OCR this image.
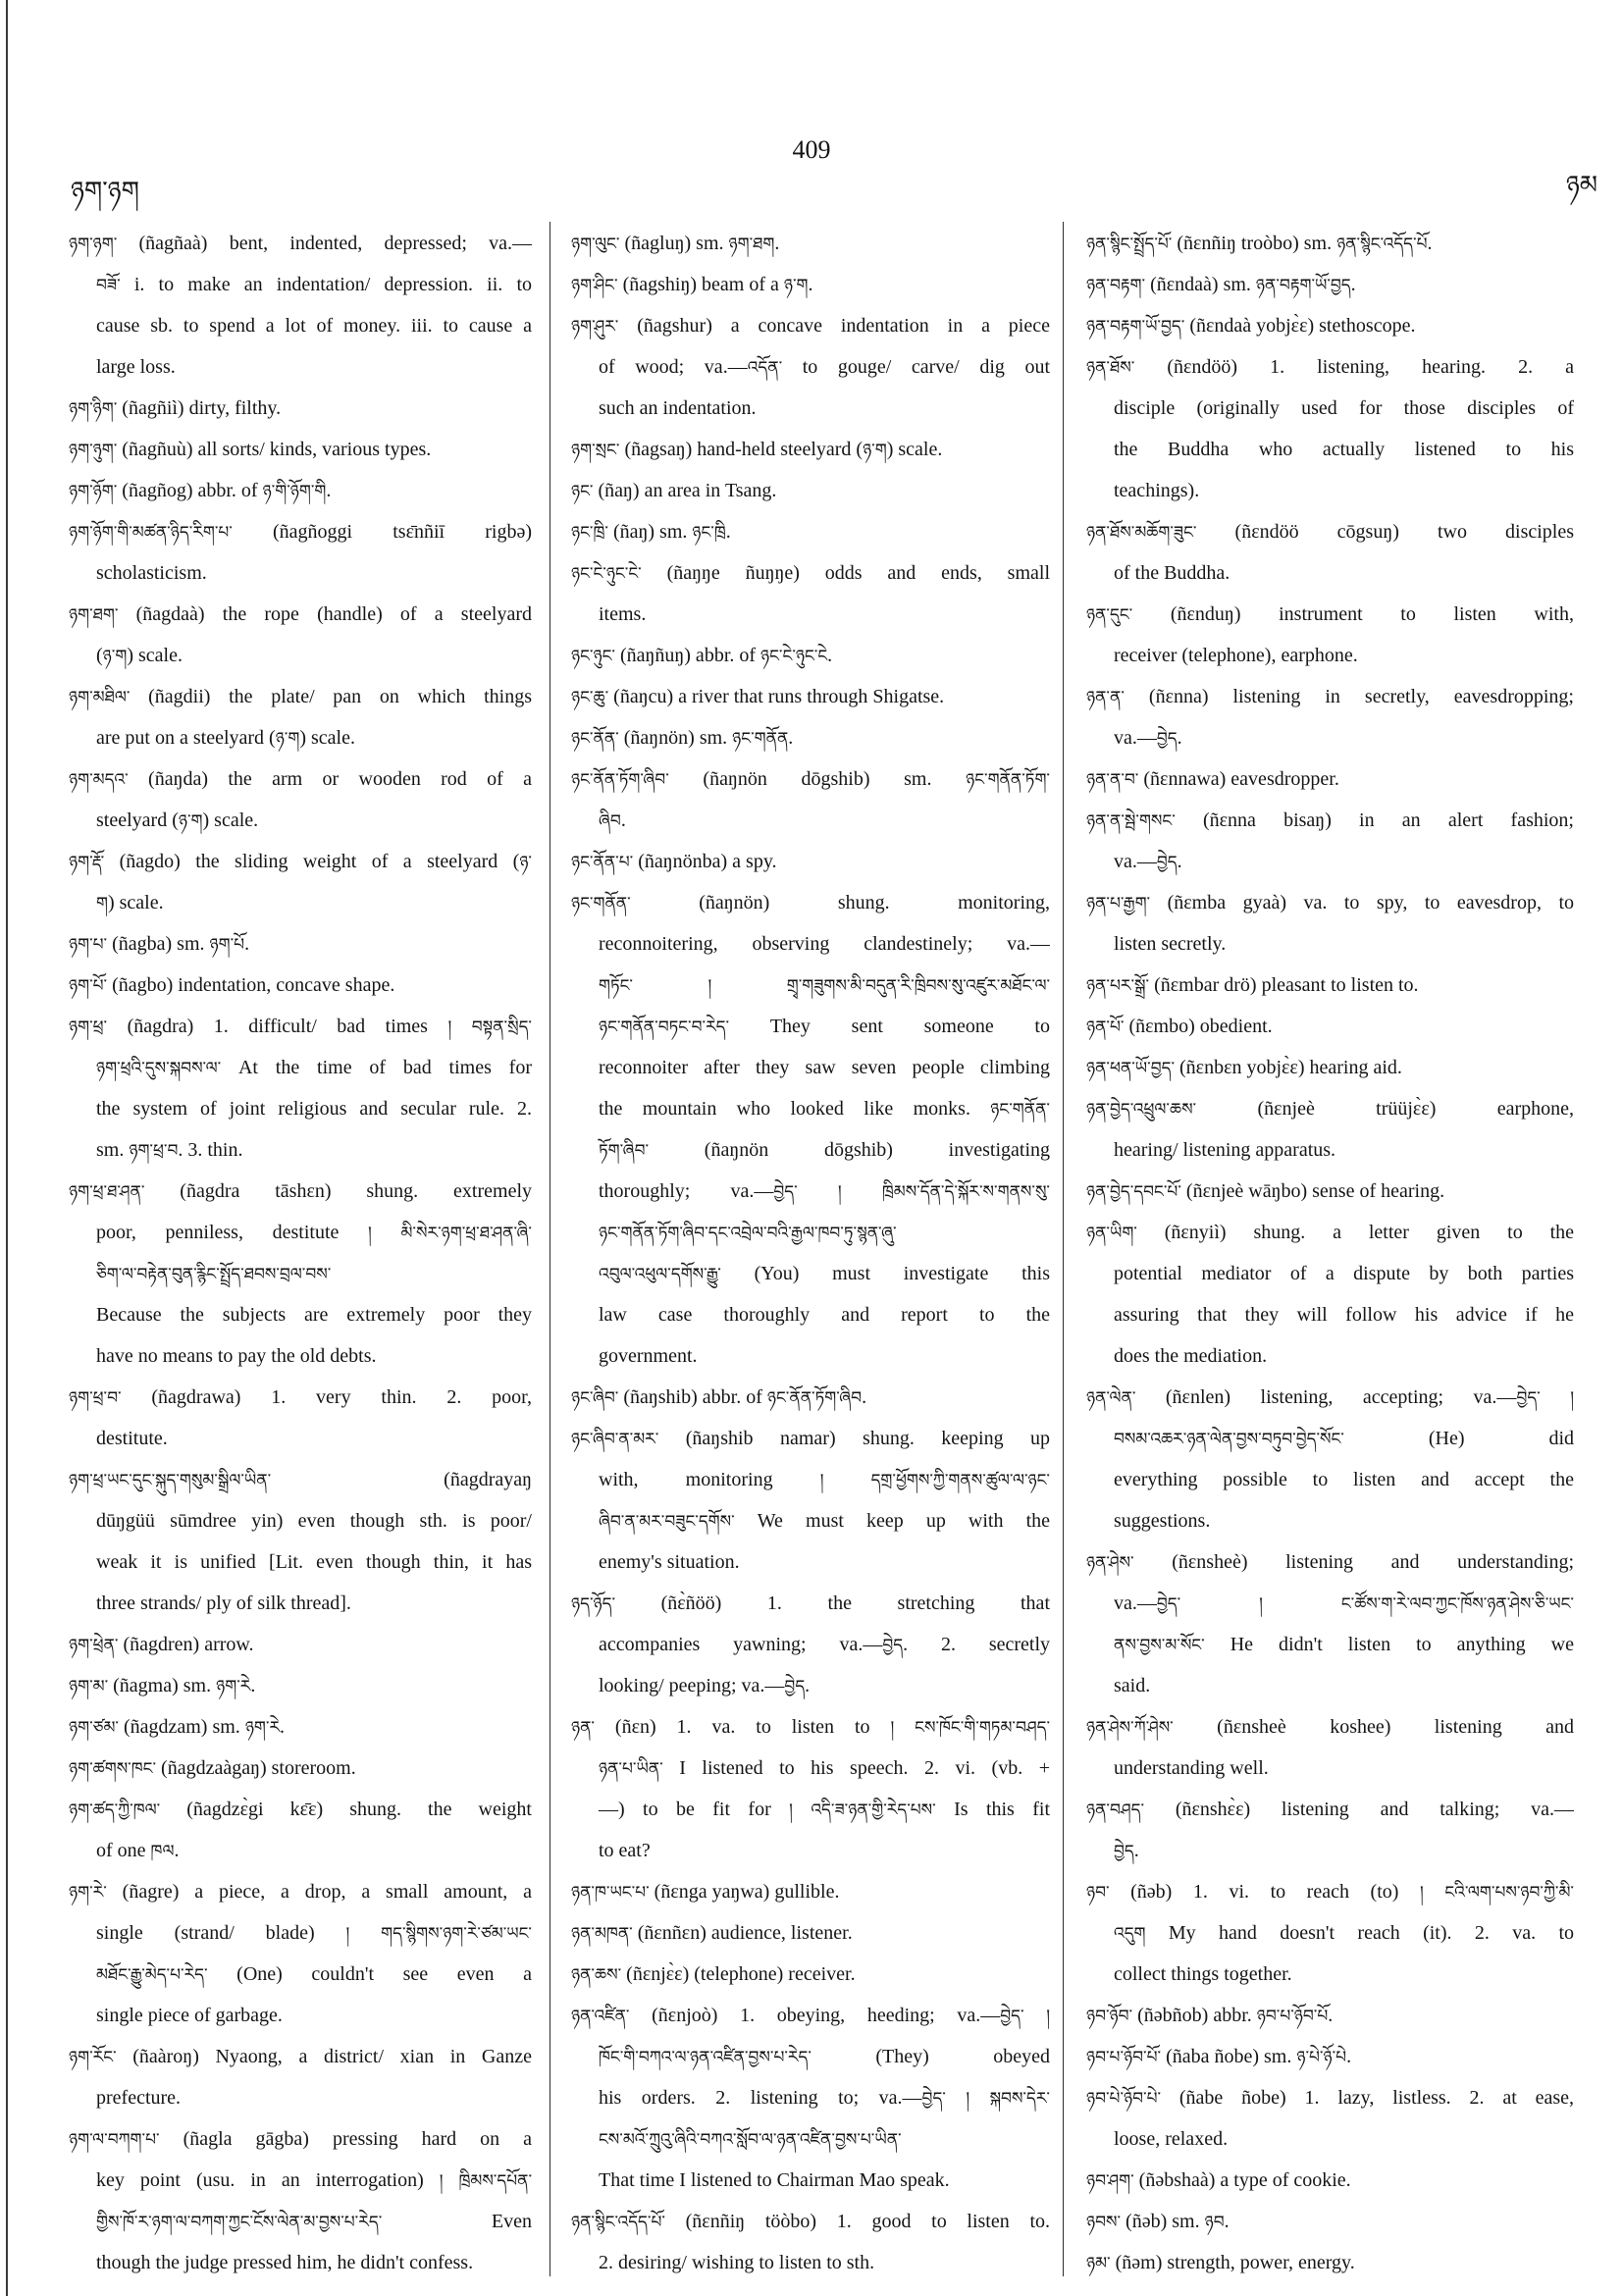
ཉག་ཉག
409
ཉམ
ཉག་ཉག་ (ñagñaà) bent, indented, depressed; va.—
བཟོ་ i. to make an indentation/ depression. ii. to
cause sb. to spend a lot of money. iii. to cause a
large loss.
ཉག་ཉིག་ (ñagñiì) dirty, filthy.
ཉག་ཉུག་ (ñagñuù) all sorts/ kinds, various types.
ཉག་ཉོག་ (ñagñog) abbr. of ཉ་གི་ཉོག་གི.
ཉག་ཉོག་གི་མཚན་ཉིད་རིག་པ་ (ñagñoggi tsɛ̄nñiī rigbə)
scholasticism.
ཉག་ཐག་ (ñagdaà) the rope (handle) of a steelyard
(ཉ་ག) scale.
ཉག་མཐིལ་ (ñagdii) the plate/ pan on which things
are put on a steelyard (ཉ་ག) scale.
ཉག་མདའ་ (ñaŋda) the arm or wooden rod of a
steelyard (ཉ་ག) scale.
ཉག་རྡོ་ (ñagdo) the sliding weight of a steelyard (ཉ་
ག) scale.
ཉག་པ་ (ñagba) sm. ཉག་པོ.
ཉག་པོ་ (ñagbo) indentation, concave shape.
ཉག་ཕྲ་ (ñagdra) 1. difficult/ bad times ། བསྟན་སྲིད་
ཉག་ཕྲའི་དུས་སྐབས་ལ་ At the time of bad times for
the system of joint religious and secular rule. 2.
sm. ཉག་ཕྲ་བ. 3. thin.
ཉག་ཕྲ་ཐ་ཤན་ (ñagdra tāshɛn) shung. extremely
poor, penniless, destitute ། མི་སེར་ཉག་ཕྲ་ཐ་ཤན་ཞི་
ཅིག་ལ་བརྟེན་བུན་རྙིང་སྤྲོད་ཐབས་བྲལ་བས་
Because the subjects are extremely poor they
have no means to pay the old debts.
ཉག་ཕྲ་བ་ (ñagdrawa) 1. very thin. 2. poor,
destitute.
ཉག་ཕྲ་ཡང་དུང་སྐུད་གསུམ་སྒྲིལ་ཡིན་ (ñagdrayaŋ
dūŋgüü sūmdree yin) even though sth. is poor/
weak it is unified [Lit. even though thin, it has
three strands/ ply of silk thread].
ཉག་ཕྲེན་ (ñagdren) arrow.
ཉག་མ་ (ñagma) sm. ཉག་རེ.
ཉག་ཙམ་ (ñagdzam) sm. ཉག་རེ.
ཉག་ཚགས་ཁང་ (ñagdzaàgaŋ) storeroom.
ཉག་ཚད་ཀྱི་ཁལ་ (ñagdzɛ̀gi kɛ̄ɛ) shung. the weight
of one ཁལ.
ཉག་རེ་ (ñagre) a piece, a drop, a small amount, a
single (strand/ blade) ། གད་སྙིགས་ཉག་རེ་ཙམ་ཡང་
མཐོང་རྒྱུ་མེད་པ་རེད་ (One) couldn't see even a
single piece of garbage.
ཉག་རོང་ (ñaàroŋ) Nyaong, a district/ xian in Ganze
prefecture.
ཉག་ལ་བཀག་པ་ (ñagla gāgba) pressing hard on a
key point (usu. in an interrogation) ། ཁྲིམས་དཔོན་
གྱིས་ཁོ་ར་ཉག་ལ་བཀག་ཀྱང་ངོས་ལེན་མ་བྱས་པ་རེད་ Even
though the judge pressed him, he didn't confess.
ཉག་ལུང་ (ñagluŋ) sm. ཉག་ཐག.
ཉག་ཤིང་ (ñagshiŋ) beam of a ཉ་ག.
ཉག་ཤུར་ (ñagshur) a concave indentation in a piece
of wood; va.—འདོན་ to gouge/ carve/ dig out
such an indentation.
ཉག་སྲང་ (ñagsaŋ) hand-held steelyard (ཉ་ག) scale.
ཉང་ (ñaŋ) an area in Tsang.
ཉང་ཁྲི་ (ñaŋ) sm. ཉང་ཁྲི.
ཉང་ངེ་ཉུང་ངེ་ (ñaŋŋe ñuŋŋe) odds and ends, small
items.
ཉང་ཉུང་ (ñaŋñuŋ) abbr. of ཉང་ངེ་ཉུང་ངེ.
ཉང་ཆུ་ (ñaŋcu) a river that runs through Shigatse.
ཉང་ནོན་ (ñaŋnön) sm. ཉང་གནོན.
ཉང་ནོན་ཏོག་ཞིབ་ (ñaŋnön dōgshib) sm. ཉང་གནོན་ཏོག་
ཞིབ.
ཉང་ནོན་པ་ (ñaŋnönba) a spy.
ཉང་གནོན་ (ñaŋnön) shung. monitoring,
reconnoitering, observing clandestinely; va.—
གཏོང་	།	གྲྭ་གཟུགས་མི་བདུན་རི་ཁྲིབས་སུ་འཛུར་མཐོང་ལ་
ཉང་གནོན་བཏང་བ་རེད་ They sent someone to
reconnoiter after they saw seven people climbing
the mountain who looked like monks. ཉང་གནོན་
ཏོག་ཞིབ་ (ñaŋnön dōgshib) investigating
thoroughly; va.—བྱེད་ ། ཁྲིམས་དོན་དེ་སྐོར་ས་གནས་སུ་
ཉང་གནོན་ཏོག་ཞིབ་དང་འབྲེལ་བའི་རྒྱལ་ཁབ་ཏུ་སྙན་ཞུ་
འབུལ་འཕུལ་དགོས་རྒྱུ་ (You) must investigate this
law case thoroughly and report to the
government.
ཉང་ཞིབ་ (ñaŋshib) abbr. of ཉང་ནོན་ཏོག་ཞིབ.
ཉང་ཞིབ་ན་མར་ (ñaŋshib namar) shung. keeping up
with, monitoring །	དགྲ་ཕྱོགས་ཀྱི་གནས་ཚུལ་ལ་ཉང་
ཞིབ་ན་མར་བཟུང་དགོས་ We must keep up with the
enemy's situation.
ཉད་ཉོད་ (ñɛ̀ñöö) 1. the stretching that
accompanies yawning; va.—བྱེད. 2. secretly
looking/ peeping; va.—བྱེད.
ཉན་ (ñɛn) 1. va. to listen to ། ངས་ཁོང་གི་གཏམ་བཤད་
ཉན་པ་ཡིན་ I listened to his speech. 2. vi. (vb. +
—) to be fit for ། འདི་ཟ་ཉན་གྱི་རེད་པས་ Is this fit
to eat?
ཉན་ཁ་ཡང་པ་ (ñɛnga yaŋwa) gullible.
ཉན་མཁན་ (ñɛnñɛn) audience, listener.
ཉན་ཆས་ (ñɛnjɛ̀ɛ) (telephone) receiver.
ཉན་འཛིན་ (ñɛnjoò) 1. obeying, heeding; va.—བྱེད་ །
ཁོང་གི་བཀའ་ལ་ཉན་འཛིན་བྱས་པ་རེད་ (They) obeyed
his orders. 2. listening to; va.—བྱེད་ ། སྐབས་དེར་
ངས་མའོ་ཀྲུའུ་ཞིའི་བཀའ་སློབ་ལ་ཉན་འཛིན་བྱས་པ་ཡིན་
That time I listened to Chairman Mao speak.
ཉན་སྙིང་འདོད་པོ་ (ñɛnñiŋ töòbo) 1. good to listen to.
2. desiring/ wishing to listen to sth.
ཉན་སྙིང་སྤྲོད་པོ་ (ñɛnñiŋ troòbo) sm. ཉན་སྙིང་འདོད་པོ.
ཉན་བརྟག་ (ñɛndaà) sm. ཉན་བརྟག་ཡོ་བྱད.
ཉན་བརྟག་ཡོ་བྱད་ (ñɛndaà yobjɛ̀ɛ) stethoscope.
ཉན་ཐོས་ (ñɛndöö) 1. listening, hearing. 2. a
disciple (originally used for those disciples of
the Buddha who actually listened to his
teachings).
ཉན་ཐོས་མཆོག་ཟུང་ (ñɛndöö cōgsuŋ) two disciples
of the Buddha.
ཉན་དུང་ (ñɛnduŋ) instrument to listen with,
receiver (telephone), earphone.
ཉན་ན་ (ñɛnna) listening in secretly, eavesdropping;
va.—བྱེད.
ཉན་ན་བ་ (ñɛnnawa) eavesdropper.
ཉན་ན་སྦེ་གསང་ (ñɛnna bisaŋ) in an alert fashion;
va.—བྱེད.
ཉན་པ་རྒྱག་ (ñɛmba gyaà) va. to spy, to eavesdrop, to
listen secretly.
ཉན་པར་སྒྲོ་ (ñɛmbar drö) pleasant to listen to.
ཉན་པོ་ (ñɛmbo) obedient.
ཉན་ཕན་ཡོ་བྱད་ (ñɛnbɛn yobjɛ̀ɛ) hearing aid.
ཉན་བྱེད་འཕྲུལ་ཆས་ (ñɛnjeè trüüjɛ̀ɛ) earphone,
hearing/ listening apparatus.
ཉན་བྱེད་དབང་པོ་ (ñɛnjeè wāŋbo) sense of hearing.
ཉན་ཡིག་ (ñɛnyiì) shung. a letter given to the
potential mediator of a dispute by both parties
assuring that they will follow his advice if he
does the mediation.
ཉན་ལེན་ (ñɛnlen) listening, accepting; va.—བྱེད་ །
བསམ་འཆར་ཉན་ལེན་བྱས་བཏུབ་བྱེད་སོང་ (He) did
everything possible to listen and accept the
suggestions.
ཉན་ཤེས་ (ñɛnsheè) listening and understanding;
va.—བྱེད་	།	ང་ཚོས་ག་རེ་ལབ་ཀྱང་ཁོས་ཉན་ཤེས་ཅི་ཡང་
ནས་བྱས་མ་སོང་ He didn't listen to anything we
said.
ཉན་ཤེས་ཀོ་ཤེས་ (ñɛnsheè koshee) listening and
understanding well.
ཉན་བཤད་ (ñɛnshɛ̀ɛ) listening and talking; va.—
བྱེད.
ཉབ་ (ñəb) 1. vi. to reach (to) ། ངའི་ལག་པས་ཉབ་ཀྱི་མི་
འདུག My hand doesn't reach (it). 2. va. to
collect things together.
ཉབ་ཉོབ་ (ñəbñob) abbr. ཉབ་པ་ཉོབ་པོ.
ཉབ་པ་ཉོབ་པོ་ (ñaba ñobe) sm. ཉ་པེ་ཉོ་པེ.
ཉབ་པེ་ཉོབ་པེ་ (ñabe ñobe) 1. lazy, listless. 2. at ease,
loose, relaxed.
ཉབ་ཤག་ (ñəbshaà) a type of cookie.
ཉབས་ (ñəb) sm. ཉབ.
ཉམ་ (ñəm) strength, power, energy.
